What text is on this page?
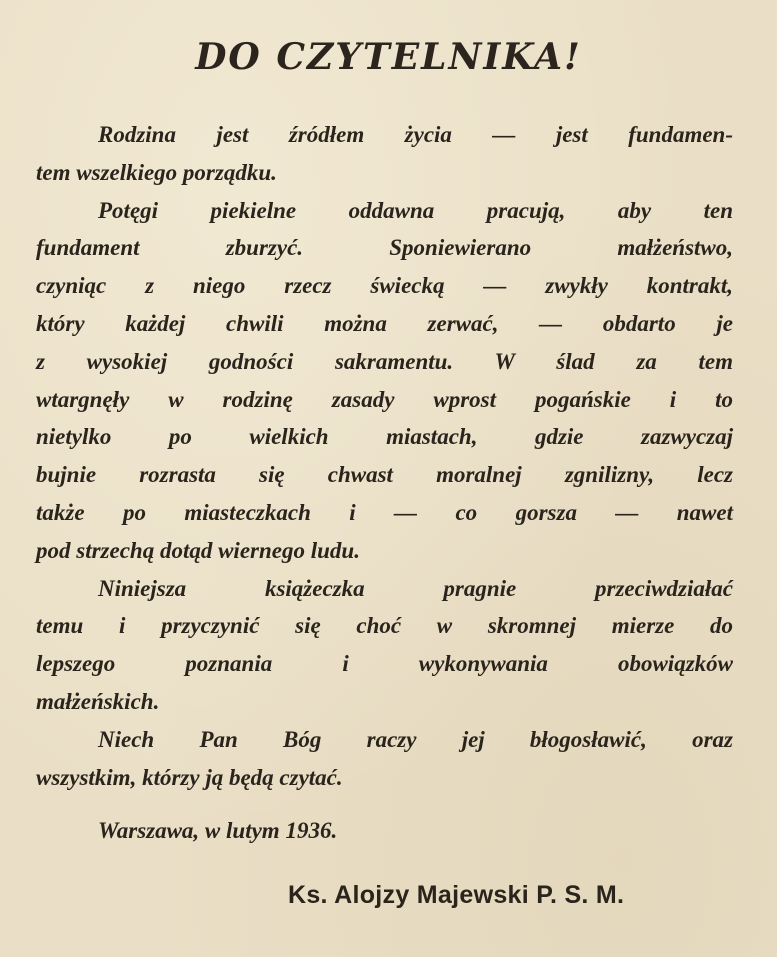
DO CZYTELNIKA!

Rodzina jest źródłem życia — jest fundamen-
tem wszelkiego porządku.

Potęgi piekielne oddawna pracują, aby ten
fundament zburzyć. Sponiewierano małżeństwo,
czyniąc z niego rzecz świecką — zwykły kontrakt,
który każdej chwili można zerwać, — obdarto je
z wysokiej godności sakramentu. W ślad za tem
wtargnęły w rodzinę zasady wprost pogańskie i to
nietylko po wielkich miastach, gdzie zazwyczaj
bujnie rozrasta się chwast moralnej zgnilizny, lecz
także po miasteczkach i — co gorsza — nawet
pod strzechą dotąd wiernego ludu.

Niniejsza książeczka pragnie przeciwdziałać
temu i przyczynić się choć w skromnej mierze do
lepszego poznania i wykonywania obowiązków
małżeńskich.

Niech Pan Bóg raczy jej błogosławić, oraz
wszystkim, którzy ją będą czytać.

Warszawa, w lutym 1936.
Ks. Alojzy Majewski P. S. M.
